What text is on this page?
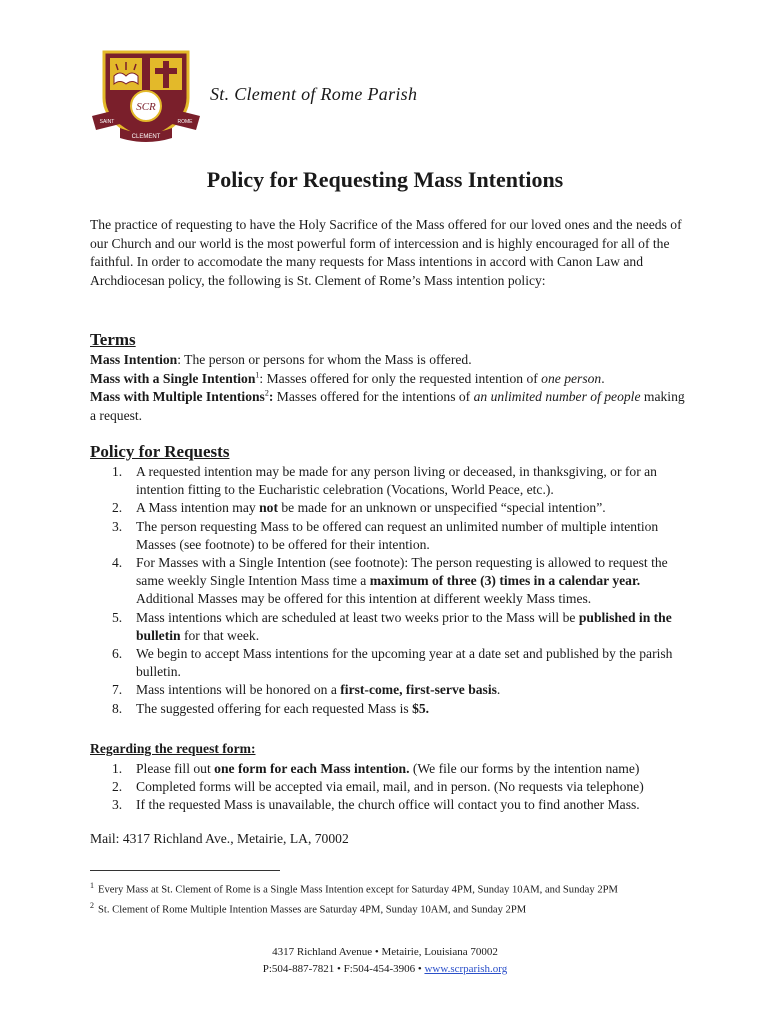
SCR
SAINT	ROME
CLEMENT
St. Clement of Rome Parish
Policy for Requesting Mass Intentions
The practice of requesting to have the Holy Sacrifice of the Mass offered for our loved ones and the needs of our Church and our world is the most powerful form of intercession and is highly encouraged for all of the faithful. In order to accomodate the many requests for Mass intentions in accord with Canon Law and Archdiocesan policy, the following is St. Clement of Rome’s Mass intention policy:
Terms
Mass Intention: The person or persons for whom the Mass is offered.
Mass with a Single Intention$^1$: Masses offered for only the requested intention of one person.
Mass with Multiple Intentions$^2$: Masses offered for the intentions of an unlimited number of people making a request.
Policy for Requests
1. A requested intention may be made for any person living or deceased, in thanksgiving, or for an intention fitting to the Eucharistic celebration (Vocations, World Peace, etc.).
2. A Mass intention may not be made for an unknown or unspecified “special intention”.
3. The person requesting Mass to be offered can request an unlimited number of multiple intention Masses (see footnote) to be offered for their intention.
4. For Masses with a Single Intention (see footnote): The person requesting is allowed to request the same weekly Single Intention Mass time a maximum of three (3) times in a calendar year. Additional Masses may be offered for this intention at different weekly Mass times.
5. Mass intentions which are scheduled at least two weeks prior to the Mass will be published in the bulletin for that week.
6. We begin to accept Mass intentions for the upcoming year at a date set and published by the parish bulletin.
7. Mass intentions will be honored on a first-come, first-serve basis.
8. The suggested offering for each requested Mass is $5.
Regarding the request form:
1. Please fill out one form for each Mass intention. (We file our forms by the intention name)
2. Completed forms will be accepted via email, mail, and in person. (No requests via telephone)
3. If the requested Mass is unavailable, the church office will contact you to find another Mass.
Mail: 4317 Richland Ave., Metairie, LA, 70002
$^1$ Every Mass at St. Clement of Rome is a Single Mass Intention except for Saturday 4PM, Sunday 10AM, and Sunday 2PM
$^2$ St. Clement of Rome Multiple Intention Masses are Saturday 4PM, Sunday 10AM, and Sunday 2PM
4317 Richland Avenue • Metairie, Louisiana 70002
P:504-887-7821 • F:504-454-3906 • www.scrparish.org
